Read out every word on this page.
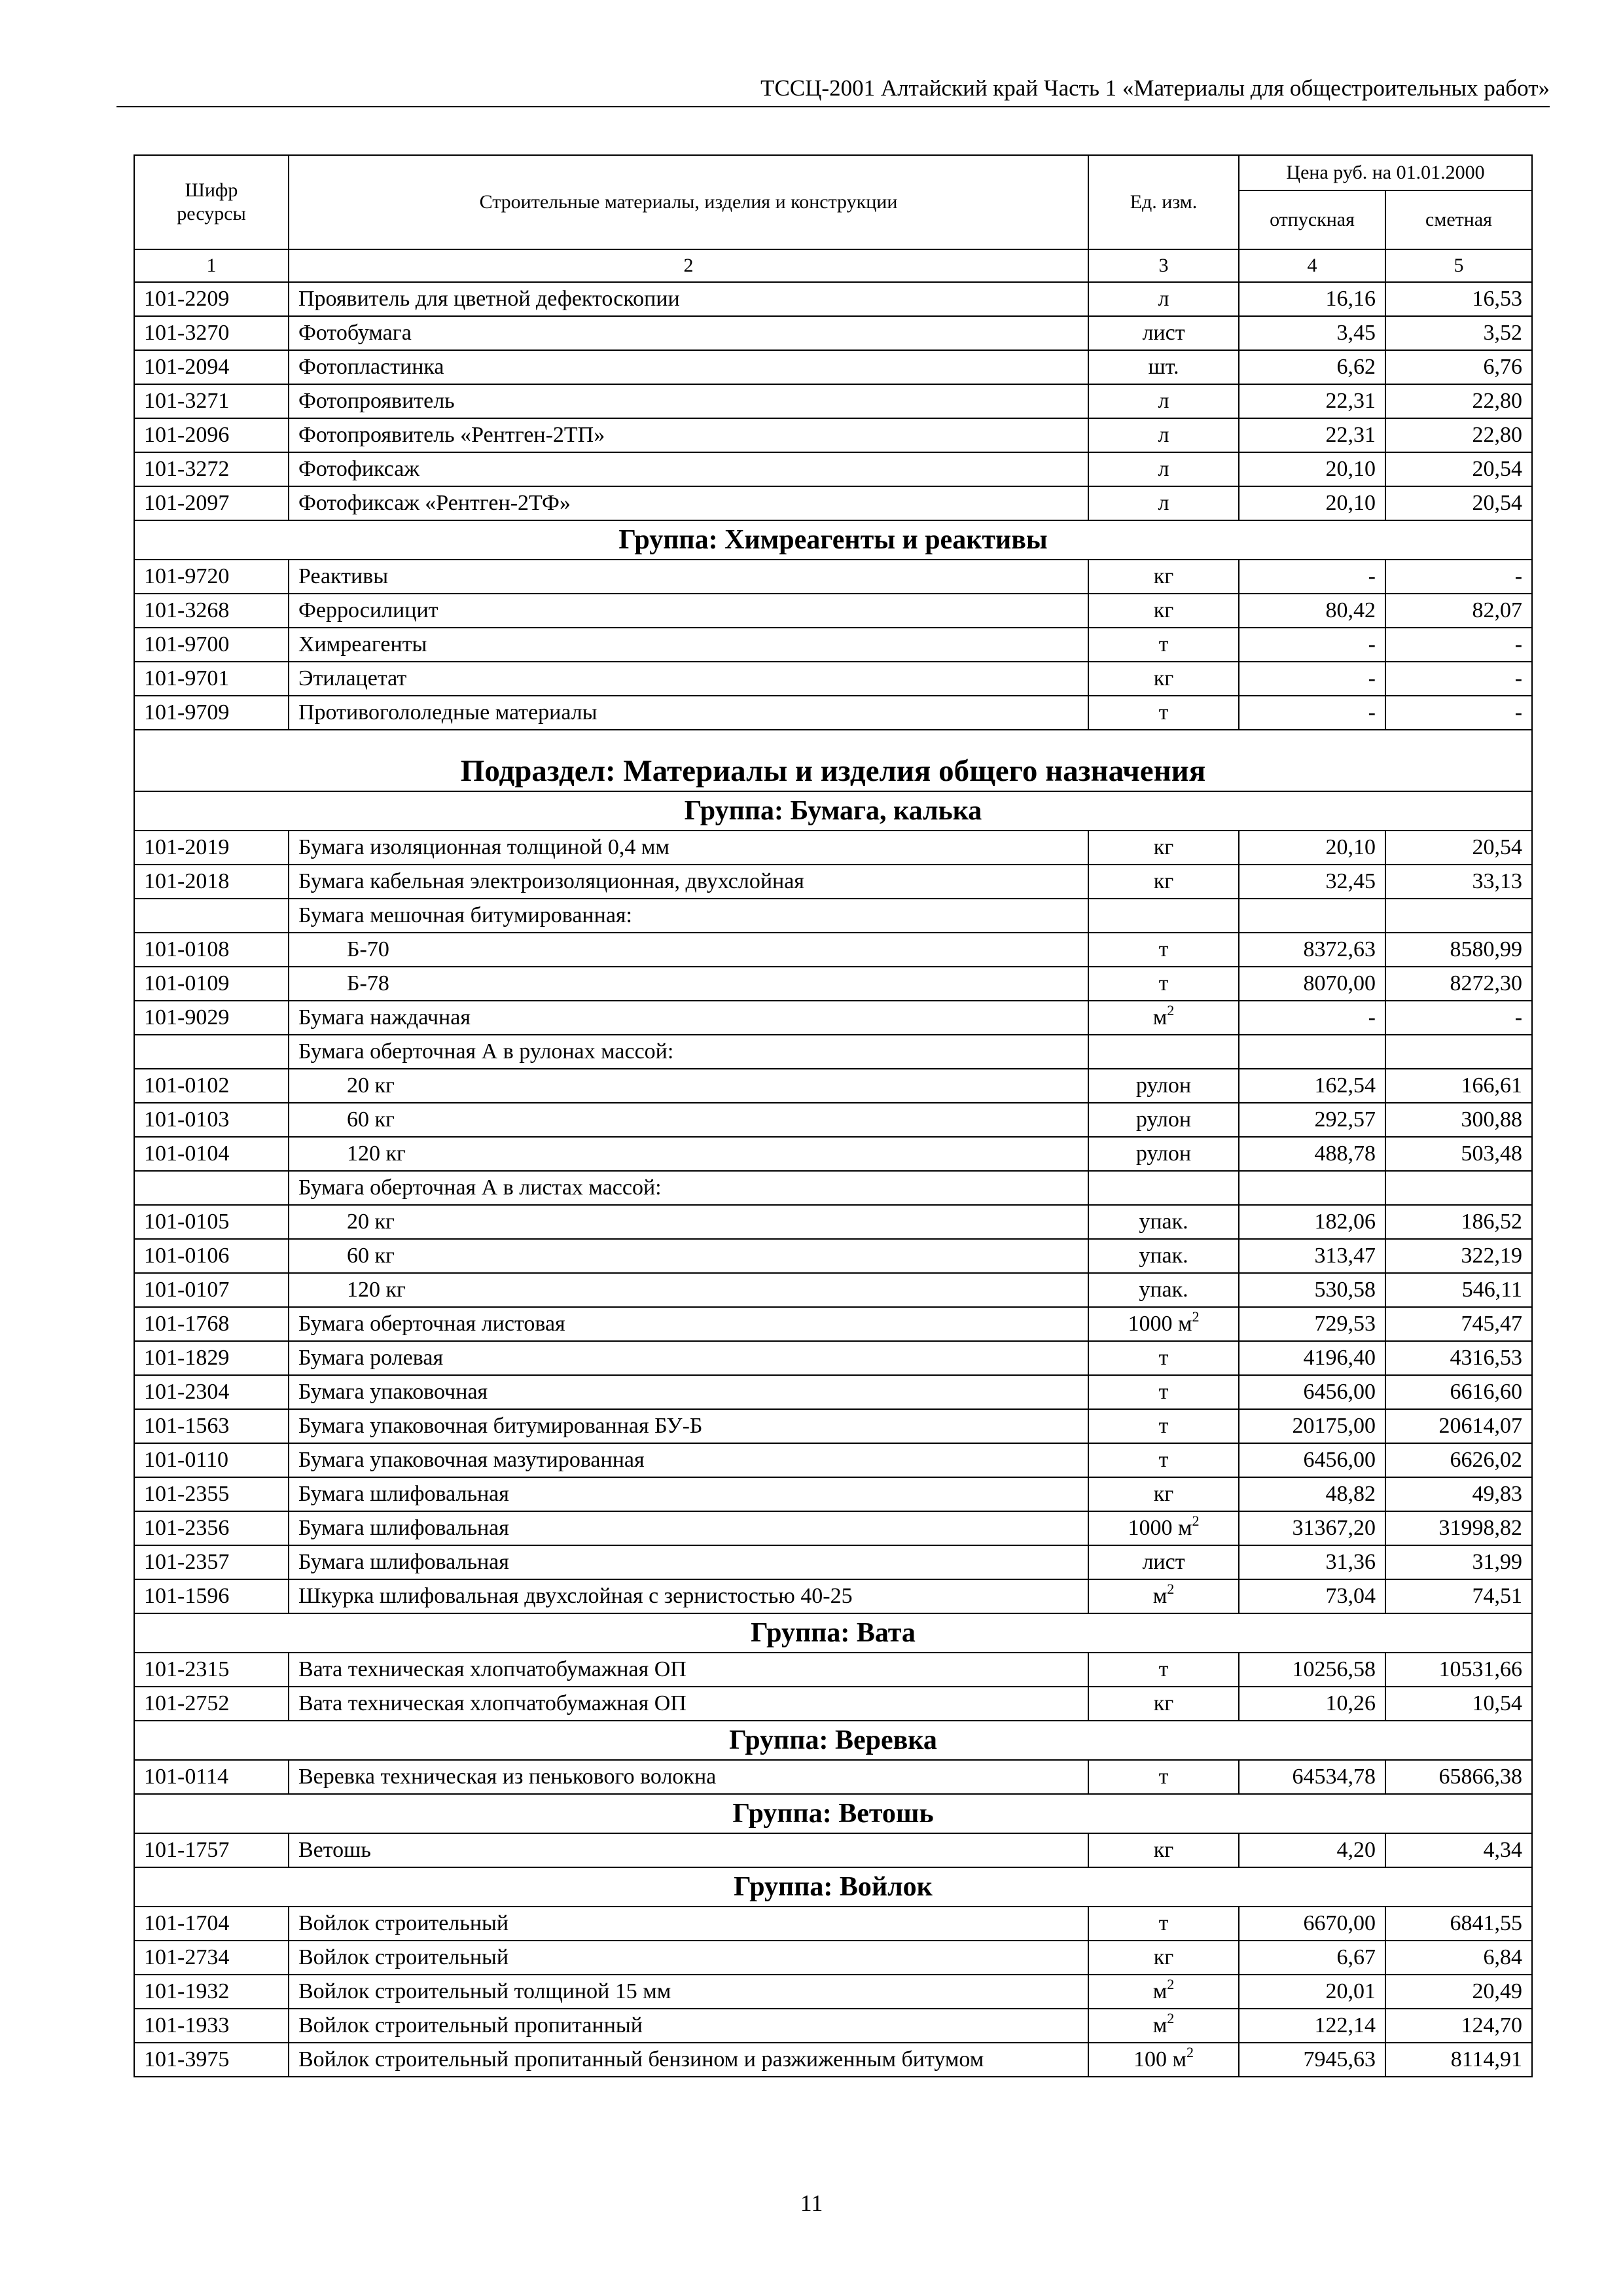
ТССЦ-2001 Алтайский край Часть 1 «Материалы для общестроительных работ»
Шифр ресурсы	Строительные материалы, изделия и конструкции	Ед. изм.	Цена руб. на 01.01.2000	
			отпускная	сметная
1	2	3	4	5
101-2209	Проявитель для цветной дефектоскопии	л	16,16	16,53
101-3270	Фотобумага	лист	3,45	3,52
101-2094	Фотопластинка	шт.	6,62	6,76
101-3271	Фотопроявитель	л	22,31	22,80
101-2096	Фотопроявитель «Рентген-2ТП»	л	22,31	22,80
101-3272	Фотофиксаж	л	20,10	20,54
101-2097	Фотофиксаж «Рентген-2ТФ»	л	20,10	20,54
Группа: Химреагенты и реактивы				
101-9720	Реактивы	кг	-	-
101-3268	Ферросилицит	кг	80,42	82,07
101-9700	Химреагенты	т	-	-
101-9701	Этилацетат	кг	-	-
101-9709	Противогололедные материалы	т	-	-
Подраздел: Материалы и изделия общего назначения				
Группа: Бумага, калька				
101-2019	Бумага изоляционная толщиной 0,4 мм	кг	20,10	20,54
101-2018	Бумага кабельная электроизоляционная, двухслойная	кг	32,45	33,13
	Бумага мешочная битумированная:			
101-0108	Б-70	т	8372,63	8580,99
101-0109	Б-78	т	8070,00	8272,30
101-9029	Бумага наждачная	$м^2$	-	-
	Бумага оберточная А в рулонах массой:			
101-0102	20 кг	рулон	162,54	166,61
101-0103	60 кг	рулон	292,57	300,88
101-0104	120 кг	рулон	488,78	503,48
	Бумага оберточная А в листах массой:			
101-0105	20 кг	упак.	182,06	186,52
101-0106	60 кг	упак.	313,47	322,19
101-0107	120 кг	упак.	530,58	546,11
101-1768	Бумага оберточная листовая	1000 $м^2$	729,53	745,47
101-1829	Бумага ролевая	т	4196,40	4316,53
101-2304	Бумага упаковочная	т	6456,00	6616,60
101-1563	Бумага упаковочная битумированная БУ-Б	т	20175,00	20614,07
101-0110	Бумага упаковочная мазутированная	т	6456,00	6626,02
101-2355	Бумага шлифовальная	кг	48,82	49,83
101-2356	Бумага шлифовальная	1000 $м^2$	31367,20	31998,82
101-2357	Бумага шлифовальная	лист	31,36	31,99
101-1596	Шкурка шлифовальная двухслойная с зернистостью 40-25	$м^2$	73,04	74,51
Группа: Вата				
101-2315	Вата техническая хлопчатобумажная ОП	т	10256,58	10531,66
101-2752	Вата техническая хлопчатобумажная ОП	кг	10,26	10,54
Группа: Веревка				
101-0114	Веревка техническая из пенькового волокна	т	64534,78	65866,38
Группа: Ветошь				
101-1757	Ветошь	кг	4,20	4,34
Группа: Войлок				
101-1704	Войлок строительный	т	6670,00	6841,55
101-2734	Войлок строительный	кг	6,67	6,84
101-1932	Войлок строительный толщиной 15 мм	$м^2$	20,01	20,49
101-1933	Войлок строительный пропитанный	$м^2$	122,14	124,70
101-3975	Войлок строительный пропитанный бензином и разжиженным битумом	100 $м^2$	7945,63	8114,91
11
